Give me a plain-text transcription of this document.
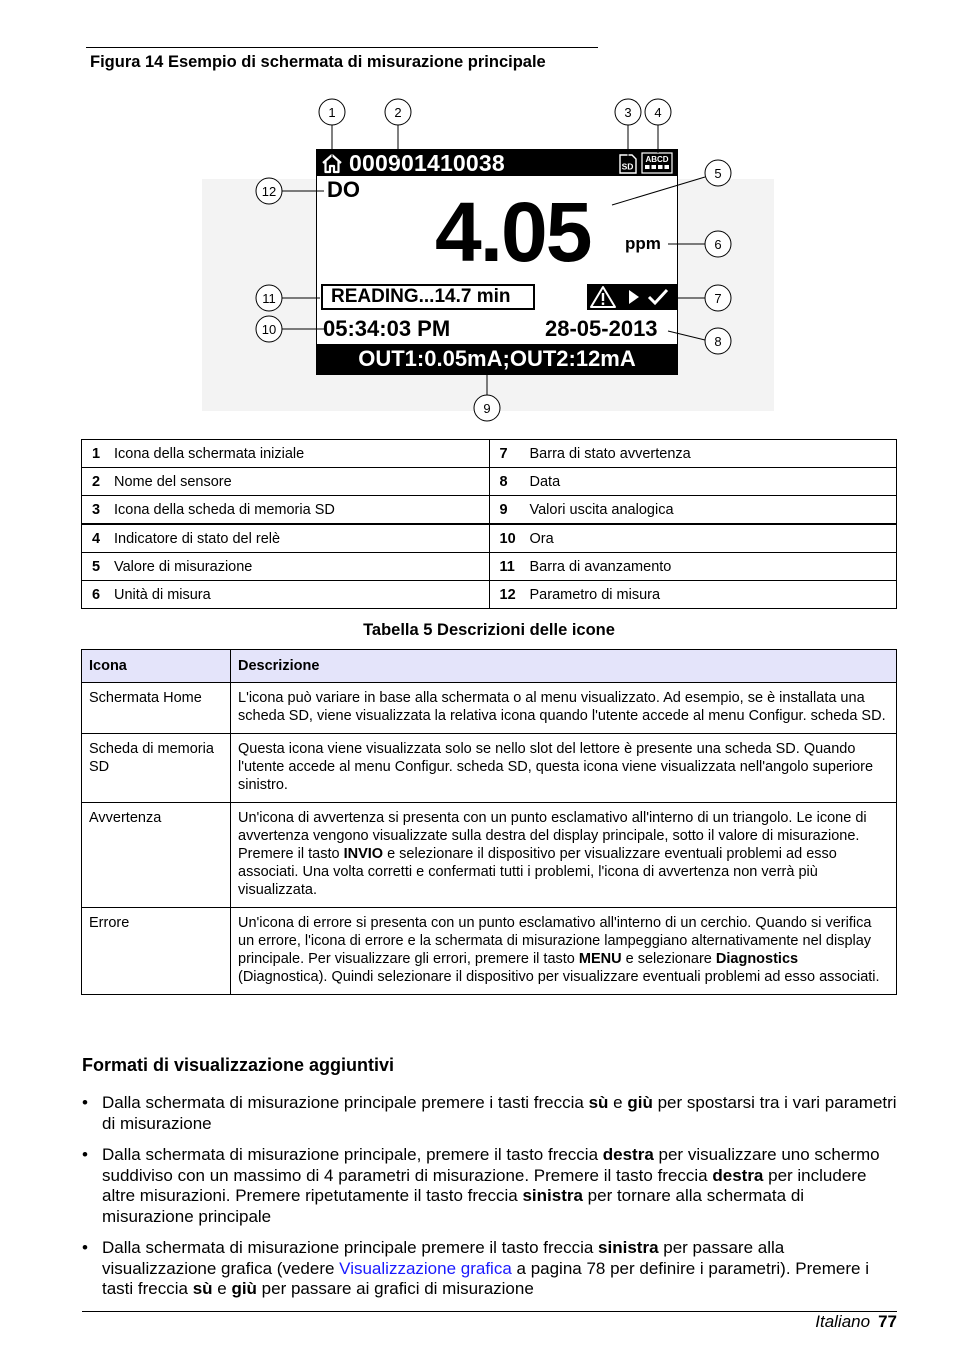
Figura 14 Esempio di schermata di misurazione principale
000901410038	SD
ABCD
DO 4.05 ppm
READING...14.7 min
05:34:03 PM	28-05-2013
OUT1:0.05mA;OUT2:12mA
1	2	3 4
5
6
7
8
9
10
11
12
1 Icona della schermata iniziale	7 Barra di stato avvertenza
2 Nome del sensore	8 Data
3 Icona della scheda di memoria SD	9 Valori uscita analogica
4 Indicatore di stato del relè	10 Ora
5 Valore di misurazione	11 Barra di avanzamento
6 Unità di misura	12 Parametro di misura
Tabella 5 Descrizioni delle icone
Icona	Descrizione
Schermata Home	L'icona può variare in base alla schermata o al menu visualizzato. Ad esempio, se è installata una scheda SD, viene visualizzata la relativa icona quando l'utente accede al menu Configur. scheda SD.
Scheda di memoria SD	Questa icona viene visualizzata solo se nello slot del lettore è presente una scheda SD. Quando l'utente accede al menu Configur. scheda SD, questa icona viene visualizzata nell'angolo superiore sinistro.
Avvertenza	Un'icona di avvertenza si presenta con un punto esclamativo all'interno di un triangolo. Le icone di avvertenza vengono visualizzate sulla destra del display principale, sotto il valore di misurazione. Premere il tasto INVIO e selezionare il dispositivo per visualizzare eventuali problemi ad esso associati. Una volta corretti e confermati tutti i problemi, l'icona di avvertenza non verrà più visualizzata.
Errore	Un'icona di errore si presenta con un punto esclamativo all'interno di un cerchio. Quando si verifica un errore, l'icona di errore e la schermata di misurazione lampeggiano alternativamente nel display principale. Per visualizzare gli errori, premere il tasto MENU e selezionare Diagnostics (Diagnostica). Quindi selezionare il dispositivo per visualizzare eventuali problemi ad esso associati.
Formati di visualizzazione aggiuntivi
• Dalla schermata di misurazione principale premere i tasti freccia sù e giù per spostarsi tra i vari parametri di misurazione
• Dalla schermata di misurazione principale, premere il tasto freccia destra per visualizzare uno schermo suddiviso con un massimo di 4 parametri di misurazione. Premere il tasto freccia destra per includere altre misurazioni. Premere ripetutamente il tasto freccia sinistra per tornare alla schermata di misurazione principale
• Dalla schermata di misurazione principale premere il tasto freccia sinistra per passare alla visualizzazione grafica (vedere Visualizzazione grafica a pagina 78 per definire i parametri). Premere i tasti freccia sù e giù per passare ai grafici di misurazione
Italiano 77
